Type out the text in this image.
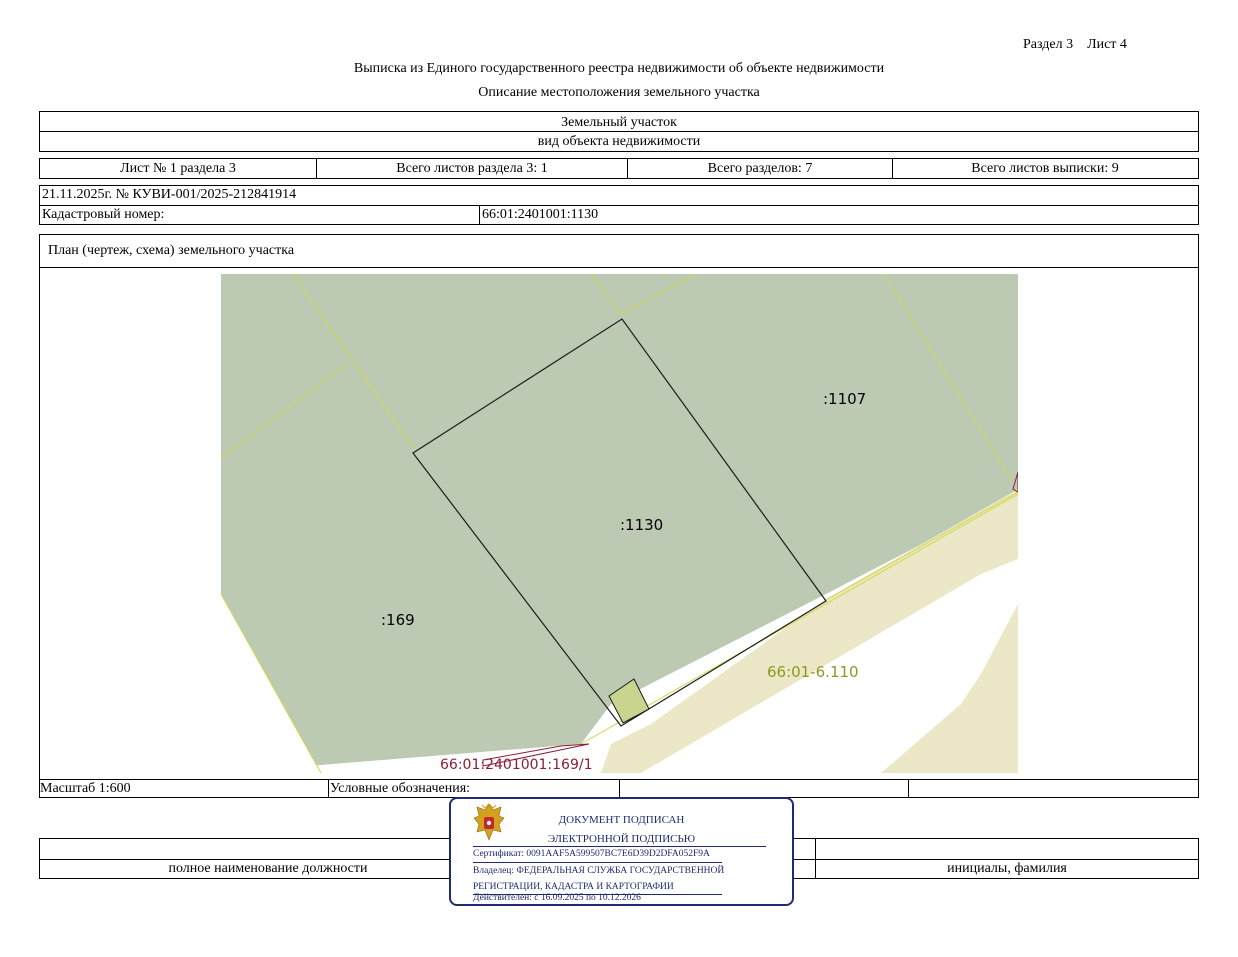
Раздел 3    Лист 4
Выписка из Единого государственного реестра недвижимости об объекте недвижимости
Описание местоположения земельного участка
Земельный участок
вид объекта недвижимости
Лист № 1 раздела 3	Всего листов раздела 3: 1	Всего разделов: 7	Всего листов выписки: 9
21.11.2025г. № КУВИ-001/2025-212841914
Кадастровый номер:	66:01:2401001:1130
План (чертеж, схема) земельного участка
Масштаб 1:600	Условные обозначения:
:1107
:1130
:169
66:01-6.110
66:01:2401001:169/1
полное наименование должности	инициалы, фамилия
ДОКУМЕНТ ПОДПИСАН
ЭЛЕКТРОННОЙ ПОДПИСЬЮ
Сертификат: 0091AAF5A599507BC7E6D39D2DFA052F9A
Владелец: ФЕДЕРАЛЬНАЯ СЛУЖБА ГОСУДАРСТВЕННОЙ
РЕГИСТРАЦИИ, КАДАСТРА И КАРТОГРАФИИ
Действителен: с 16.09.2025 по 10.12.2026
